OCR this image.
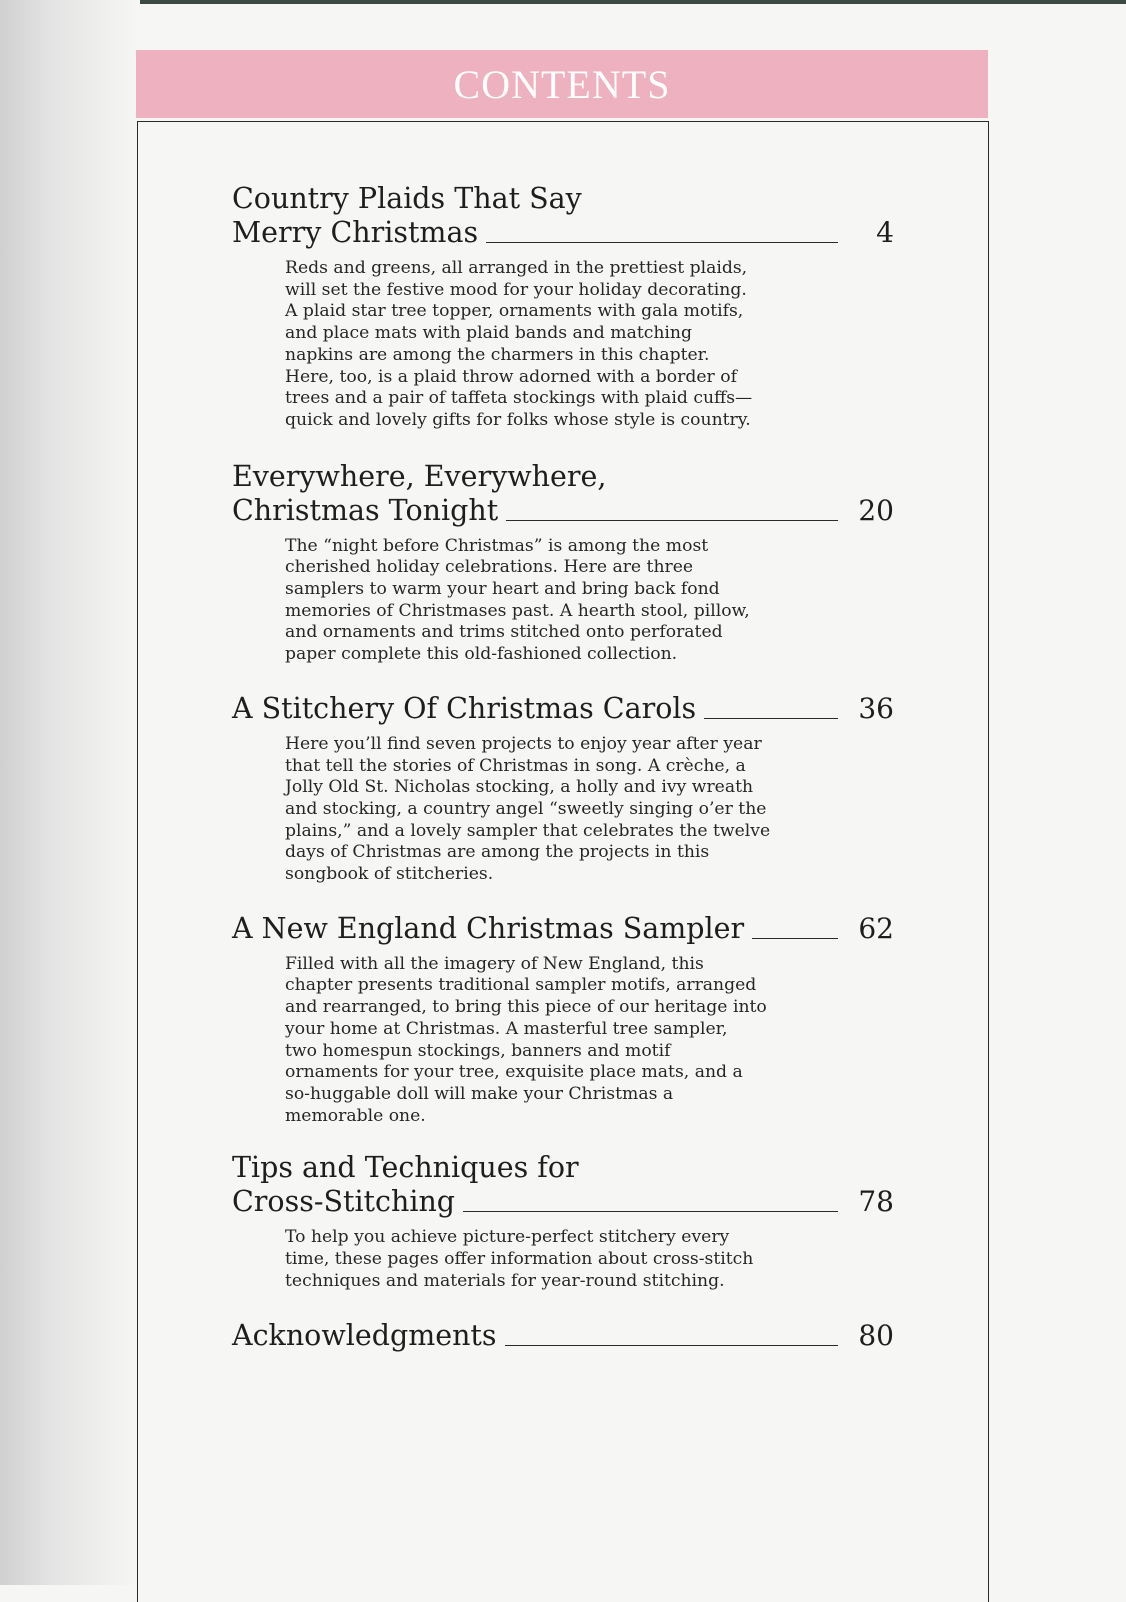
CONTENTS
Country Plaids That Say
Merry Christmas	4
Reds and greens, all arranged in the prettiest plaids,
will set the festive mood for your holiday decorating.
A plaid star tree topper, ornaments with gala motifs,
and place mats with plaid bands and matching
napkins are among the charmers in this chapter.
Here, too, is a plaid throw adorned with a border of
trees and a pair of taffeta stockings with plaid cuffs—
quick and lovely gifts for folks whose style is country.
Everywhere, Everywhere,
Christmas Tonight	20
The “night before Christmas” is among the most
cherished holiday celebrations. Here are three
samplers to warm your heart and bring back fond
memories of Christmases past. A hearth stool, pillow,
and ornaments and trims stitched onto perforated
paper complete this old-fashioned collection.
A Stitchery Of Christmas Carols	36
Here you’ll find seven projects to enjoy year after year
that tell the stories of Christmas in song. A crèche, a
Jolly Old St. Nicholas stocking, a holly and ivy wreath
and stocking, a country angel “sweetly singing o’er the
plains,” and a lovely sampler that celebrates the twelve
days of Christmas are among the projects in this
songbook of stitcheries.
A New England Christmas Sampler	62
Filled with all the imagery of New England, this
chapter presents traditional sampler motifs, arranged
and rearranged, to bring this piece of our heritage into
your home at Christmas. A masterful tree sampler,
two homespun stockings, banners and motif
ornaments for your tree, exquisite place mats, and a
so-huggable doll will make your Christmas a
memorable one.
Tips and Techniques for
Cross-Stitching	78
To help you achieve picture-perfect stitchery every
time, these pages offer information about cross-stitch
techniques and materials for year-round stitching.
Acknowledgments	80
